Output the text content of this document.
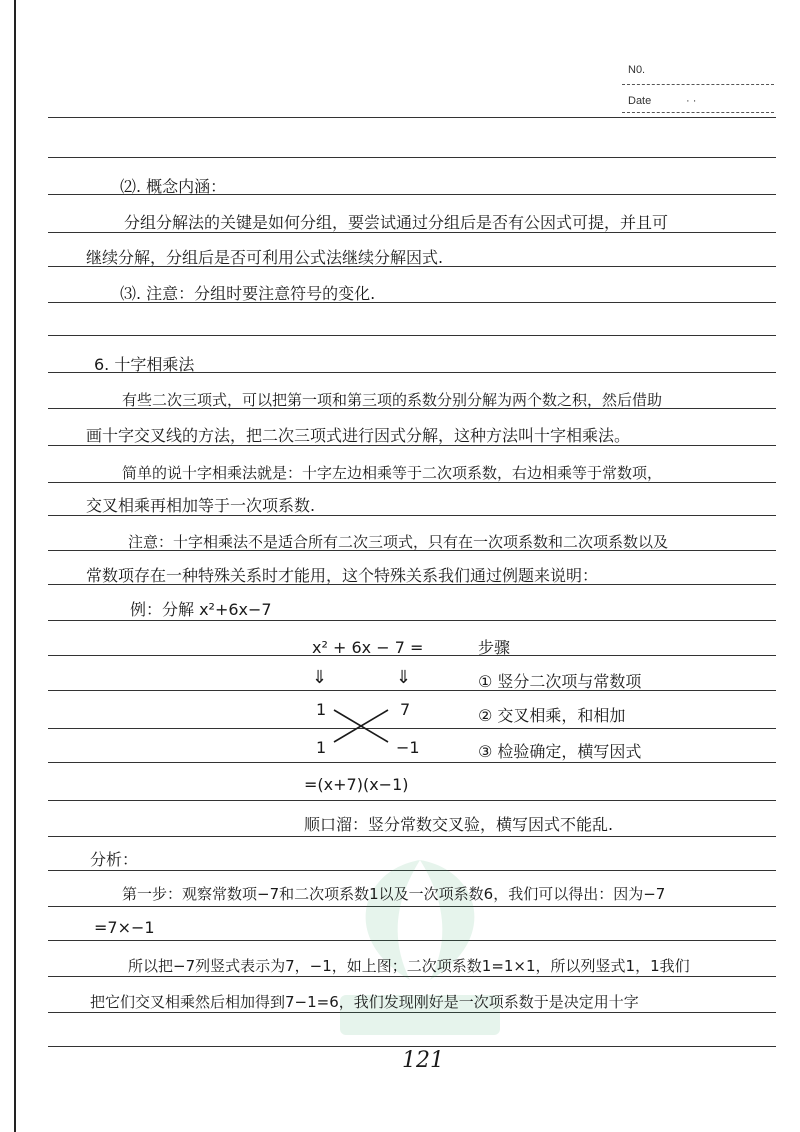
N0.
Date	· ·
⑵. 概念内涵：
分组分解法的关键是如何分组，要尝试通过分组后是否有公因式可提，并且可
继续分解，分组后是否可利用公式法继续分解因式.
⑶. 注意：分组时要注意符号的变化.
6. 十字相乘法
有些二次三项式，可以把第一项和第三项的系数分别分解为两个数之积，然后借助
画十字交叉线的方法，把二次三项式进行因式分解，这种方法叫十字相乘法。
简单的说十字相乘法就是：十字左边相乘等于二次项系数，右边相乘等于常数项，
交叉相乘再相加等于一次项系数.
注意：十字相乘法不是适合所有二次三项式，只有在一次项系数和二次项系数以及
常数项存在一种特殊关系时才能用，这个特殊关系我们通过例题来说明：
例：分解 x²+6x−7
x² + 6x − 7 =
⇓	⇓
1	7
1	−1
=(x+7)(x−1)
步骤
① 竖分二次项与常数项
② 交叉相乘，和相加
③ 检验确定，横写因式
顺口溜：竖分常数交叉验，横写因式不能乱.
分析：
第一步：观察常数项−7和二次项系数1以及一次项系数6，我们可以得出：因为−7
=7×−1
所以把−7列竖式表示为7，−1，如上图；二次项系数1=1×1，所以列竖式1，1我们
把它们交叉相乘然后相加得到7−1=6，我们发现刚好是一次项系数于是决定用十字
121
